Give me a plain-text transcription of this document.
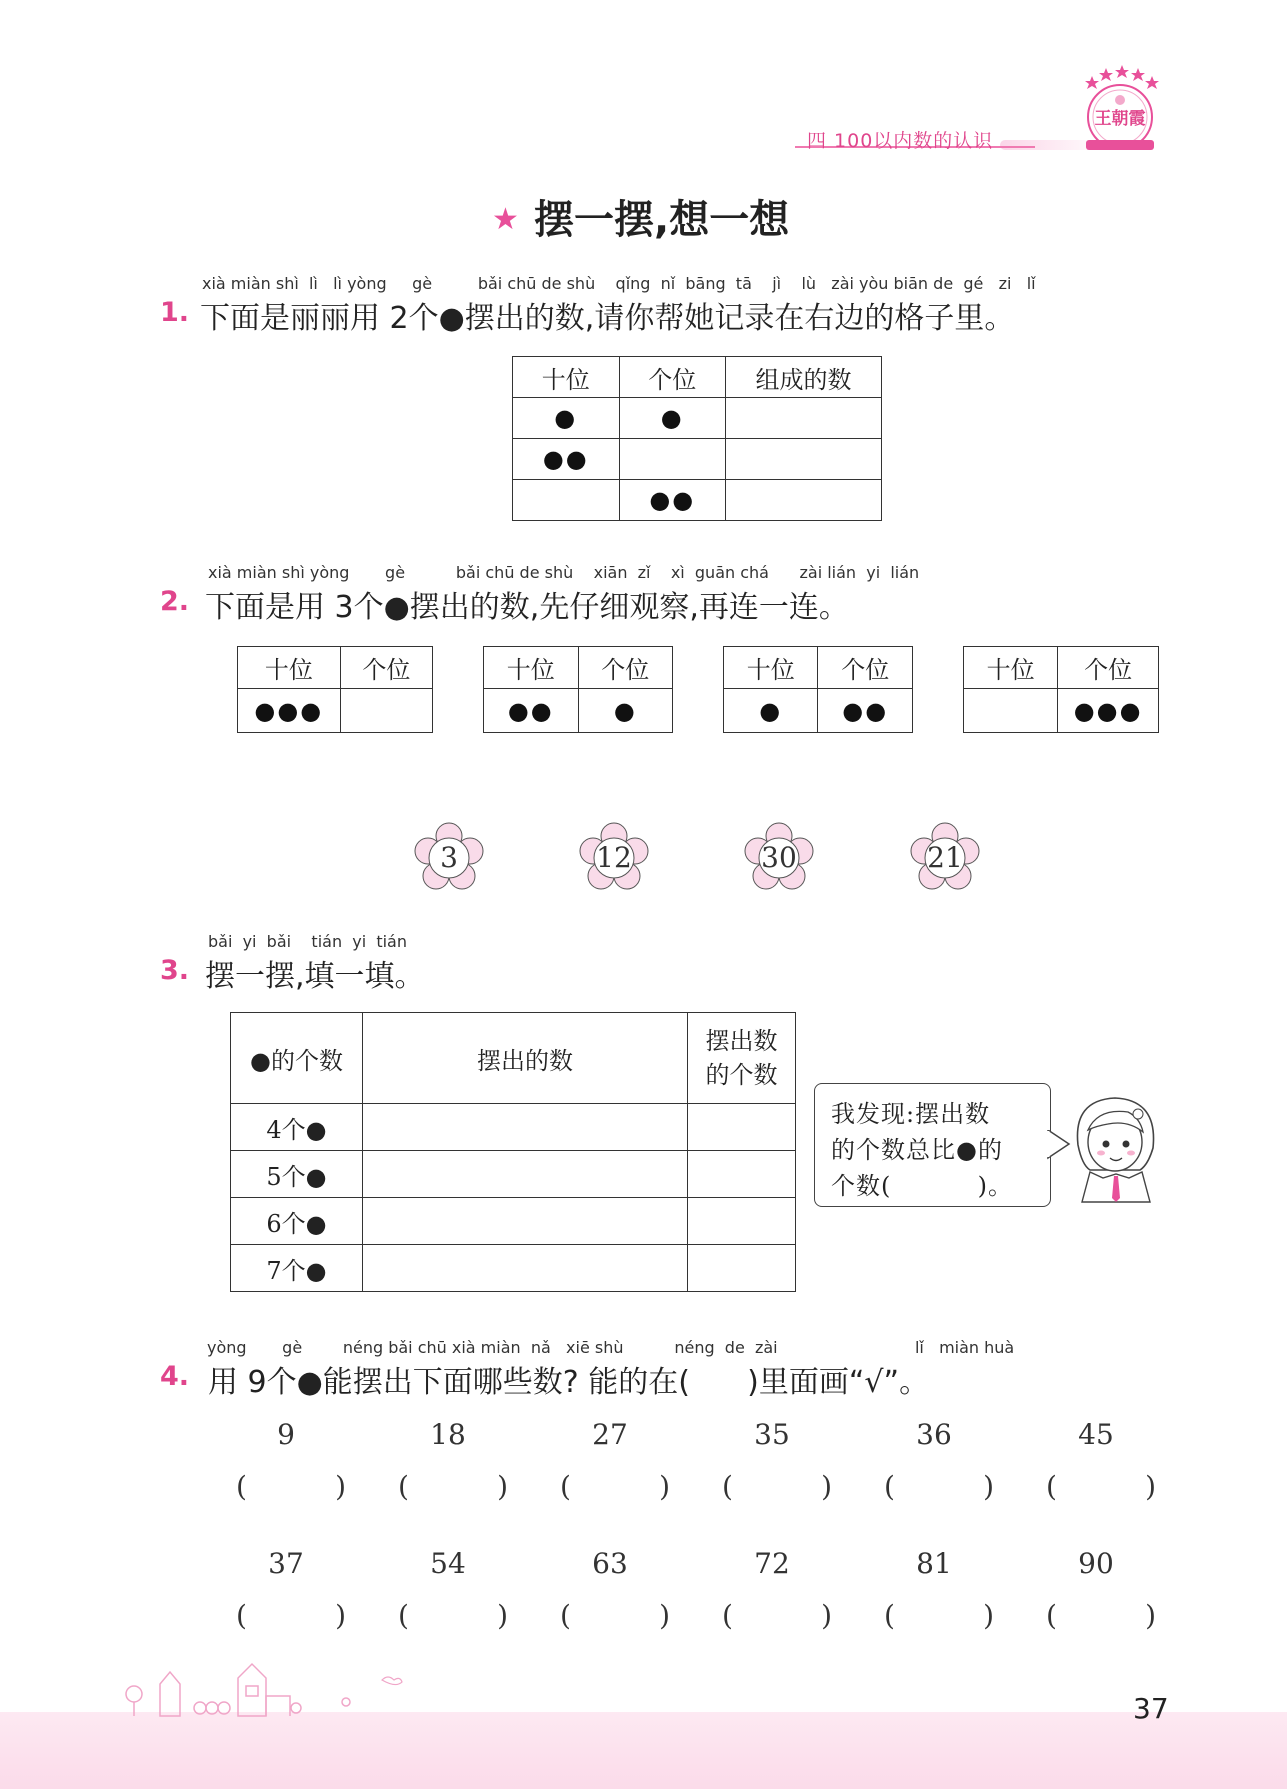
四 100以内数的认识
王朝霞
★ 摆一摆,想一想
xià miàn shì  lì   lì yòng     gè         bǎi chū de shù    qǐng  nǐ  bāng  tā    jì    lù   zài yòu biān de  gé   zi   lǐ
1. 下面是丽丽用 2个●摆出的数,请你帮她记录在右边的格子里。
十位	个位	组成的数
●	●	
●●		
	●●	
xià miàn shì yòng       gè          bǎi chū de shù    xiān  zǐ    xì  guān chá      zài lián  yi  lián
2. 下面是用 3个●摆出的数,先仔细观察,再连一连。
十位	个位
●●●	
十位	个位
●●	●
十位	个位
●	●●
十位	个位
	●●●
3	12	30	21
bǎi  yi  bǎi    tián  yi  tián
3. 摆一摆,填一填。
●的个数	摆出的数	摆出数
的个数

4个●		
5个●		
6个●		
7个●		
我发现:摆出数
的个数总比●的
个数(          )。
yòng       gè        néng bǎi chū xià miàn  nǎ   xiē shù          néng  de  zài                           lǐ   miàn huà
4. 用 9个●能摆出下面哪些数? 能的在(      )里面画“√”。
9	18	27	35	36	45
(	) (	) (	) (	) (	) (	)
37	54	63	72	81	90
(	) (	) (	) (	) (	) (	)
37
